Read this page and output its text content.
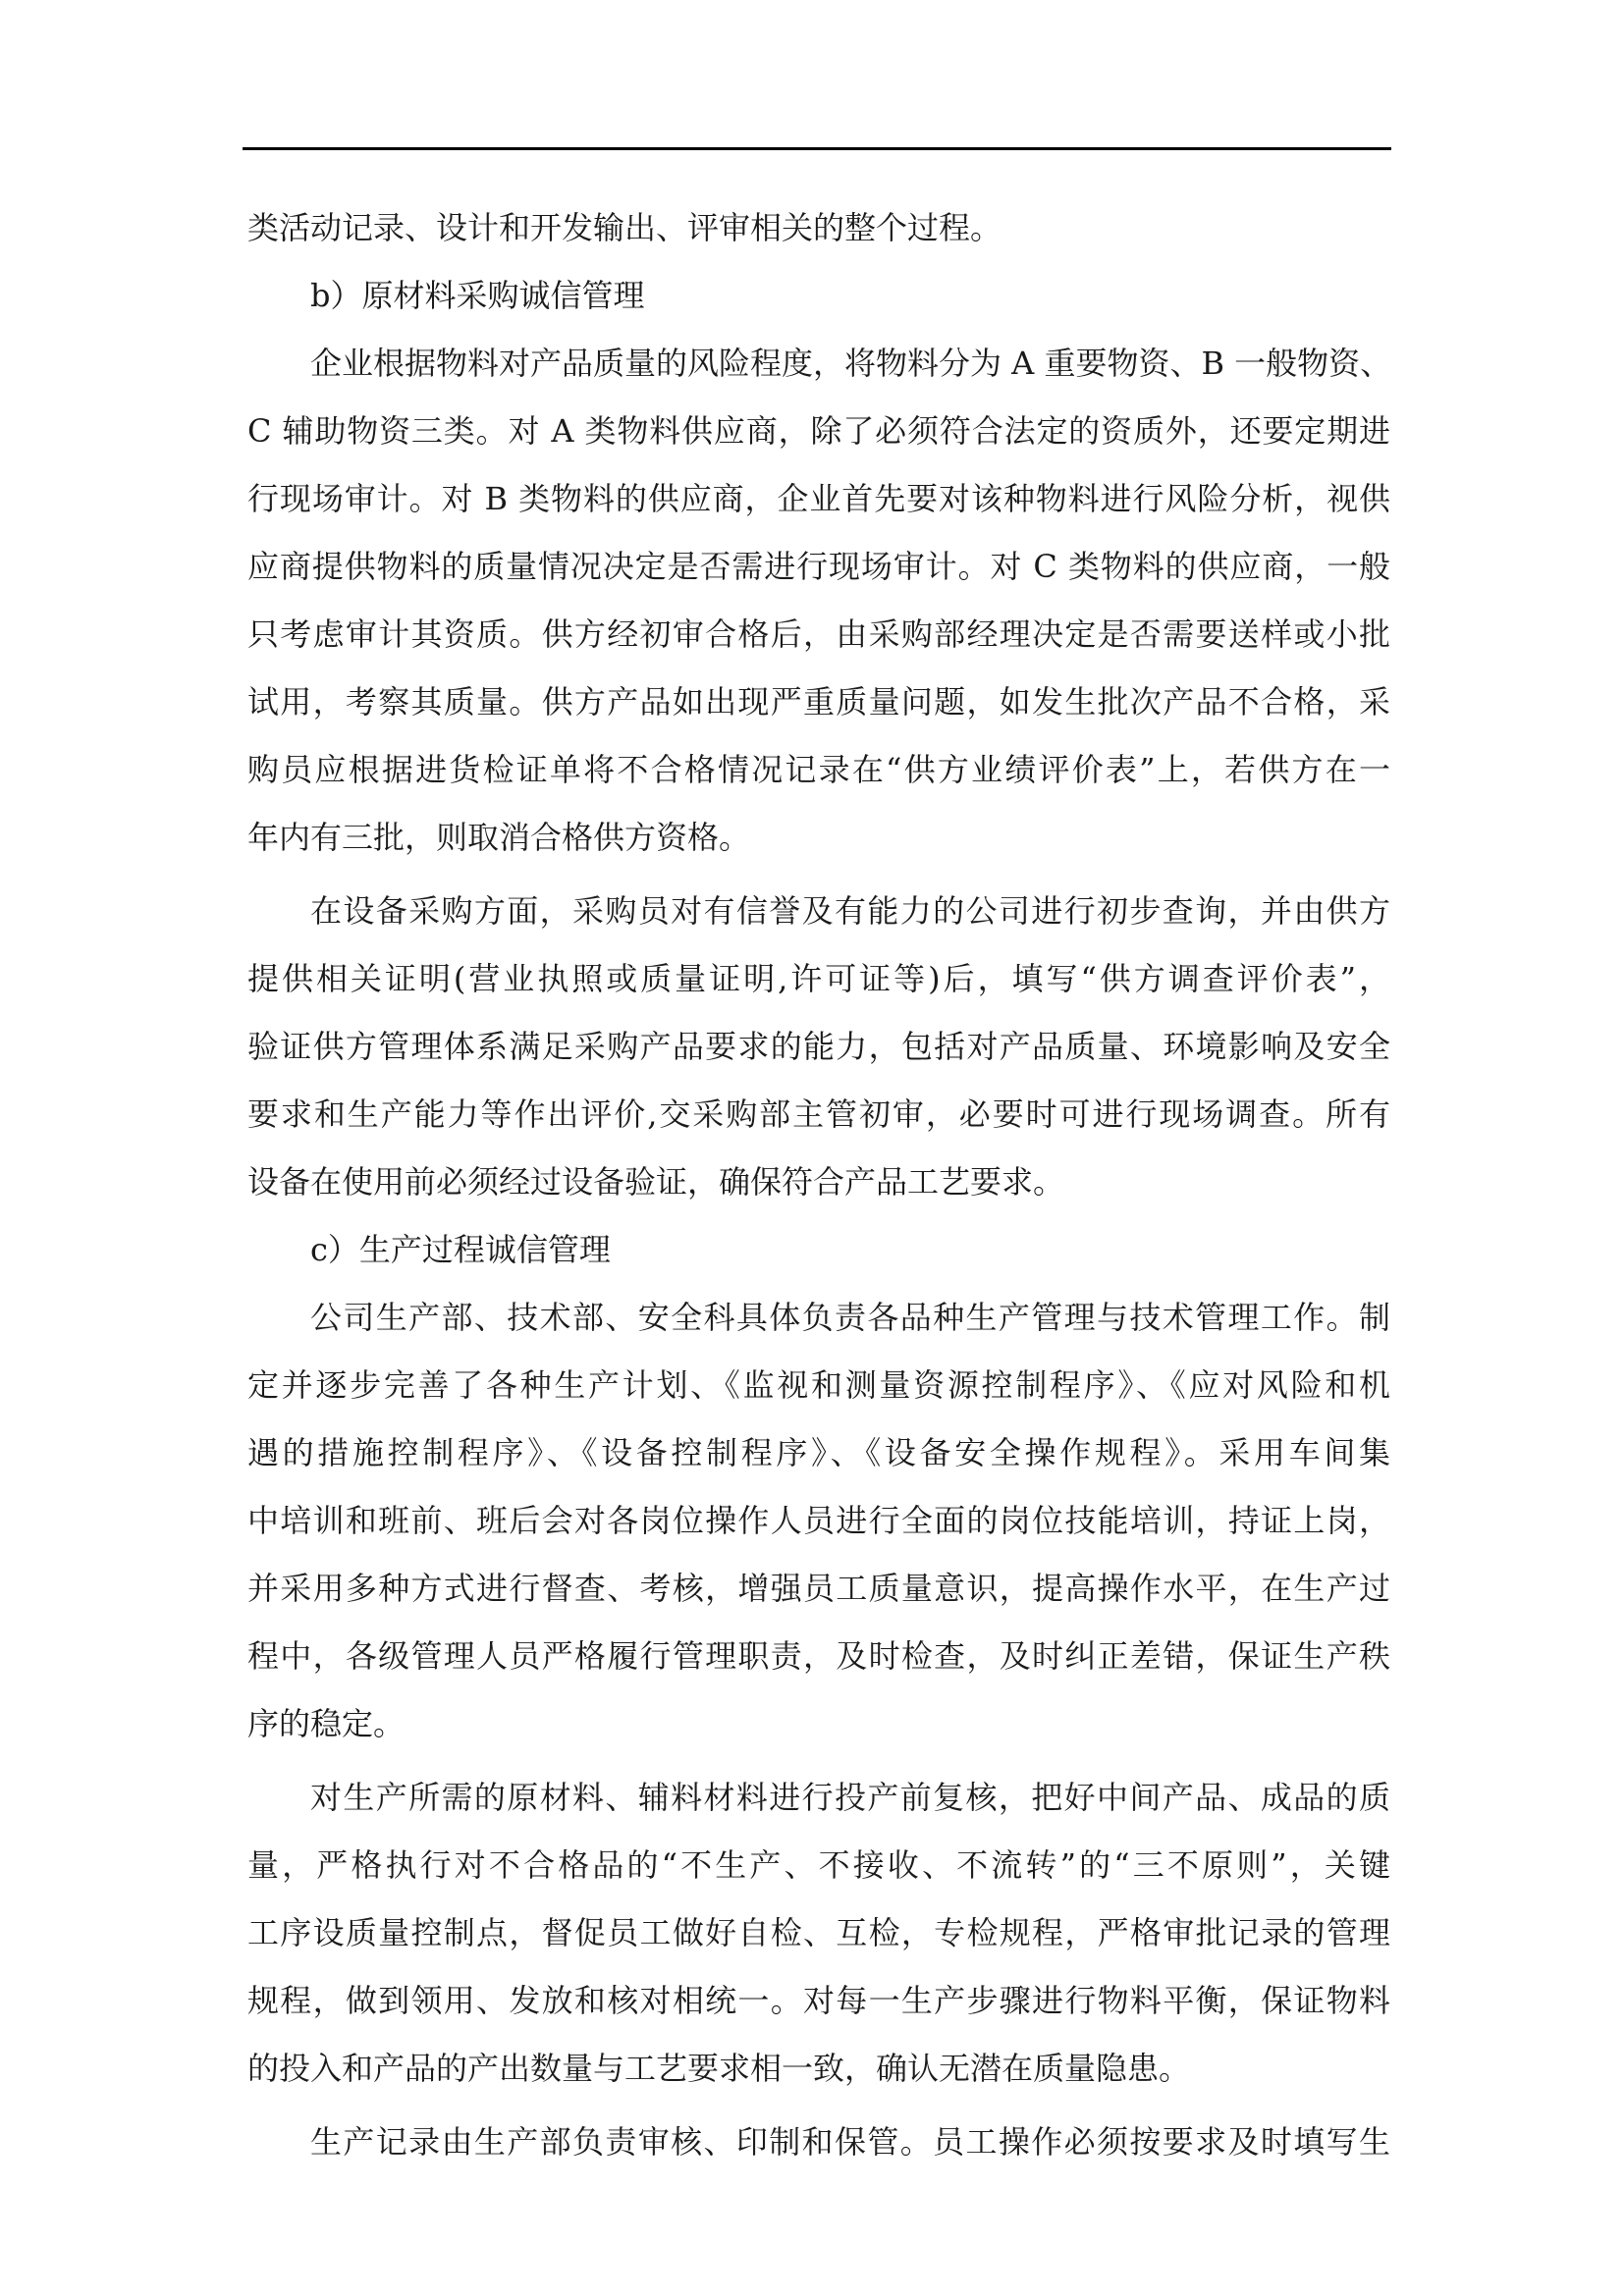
类活动记录、设计和开发输出、评审相关的整个过程。
b）原材料采购诚信管理
企业根据物料对产品质量的风险程度，将物料分为 A 重要物资、B 一般物资、
C 辅助物资三类。对 A 类物料供应商，除了必须符合法定的资质外，还要定期进
行现场审计。对 B 类物料的供应商，企业首先要对该种物料进行风险分析，视供
应商提供物料的质量情况决定是否需进行现场审计。对 C 类物料的供应商，一般
只考虑审计其资质。供方经初审合格后，由采购部经理决定是否需要送样或小批
试用，考察其质量。供方产品如出现严重质量问题，如发生批次产品不合格，采
购员应根据进货检证单将不合格情况记录在“供方业绩评价表”上，若供方在一
年内有三批，则取消合格供方资格。
在设备采购方面，采购员对有信誉及有能力的公司进行初步查询，并由供方
提供相关证明(营业执照或质量证明,许可证等)后，填写“供方调查评价表”，
验证供方管理体系满足采购产品要求的能力，包括对产品质量、环境影响及安全
要求和生产能力等作出评价,交采购部主管初审，必要时可进行现场调查。所有
设备在使用前必须经过设备验证，确保符合产品工艺要求。
c）生产过程诚信管理
公司生产部、技术部、安全科具体负责各品种生产管理与技术管理工作。制
定并逐步完善了各种生产计划、《监视和测量资源控制程序》、《应对风险和机
遇的措施控制程序》、《设备控制程序》、《设备安全操作规程》。采用车间集
中培训和班前、班后会对各岗位操作人员进行全面的岗位技能培训，持证上岗，
并采用多种方式进行督查、考核，增强员工质量意识，提高操作水平，在生产过
程中，各级管理人员严格履行管理职责，及时检查，及时纠正差错，保证生产秩
序的稳定。
对生产所需的原材料、辅料材料进行投产前复核，把好中间产品、成品的质
量，严格执行对不合格品的“不生产、不接收、不流转”的“三不原则”，关键
工序设质量控制点，督促员工做好自检、互检，专检规程，严格审批记录的管理
规程，做到领用、发放和核对相统一。对每一生产步骤进行物料平衡，保证物料
的投入和产品的产出数量与工艺要求相一致，确认无潜在质量隐患。
生产记录由生产部负责审核、印制和保管。员工操作必须按要求及时填写生
